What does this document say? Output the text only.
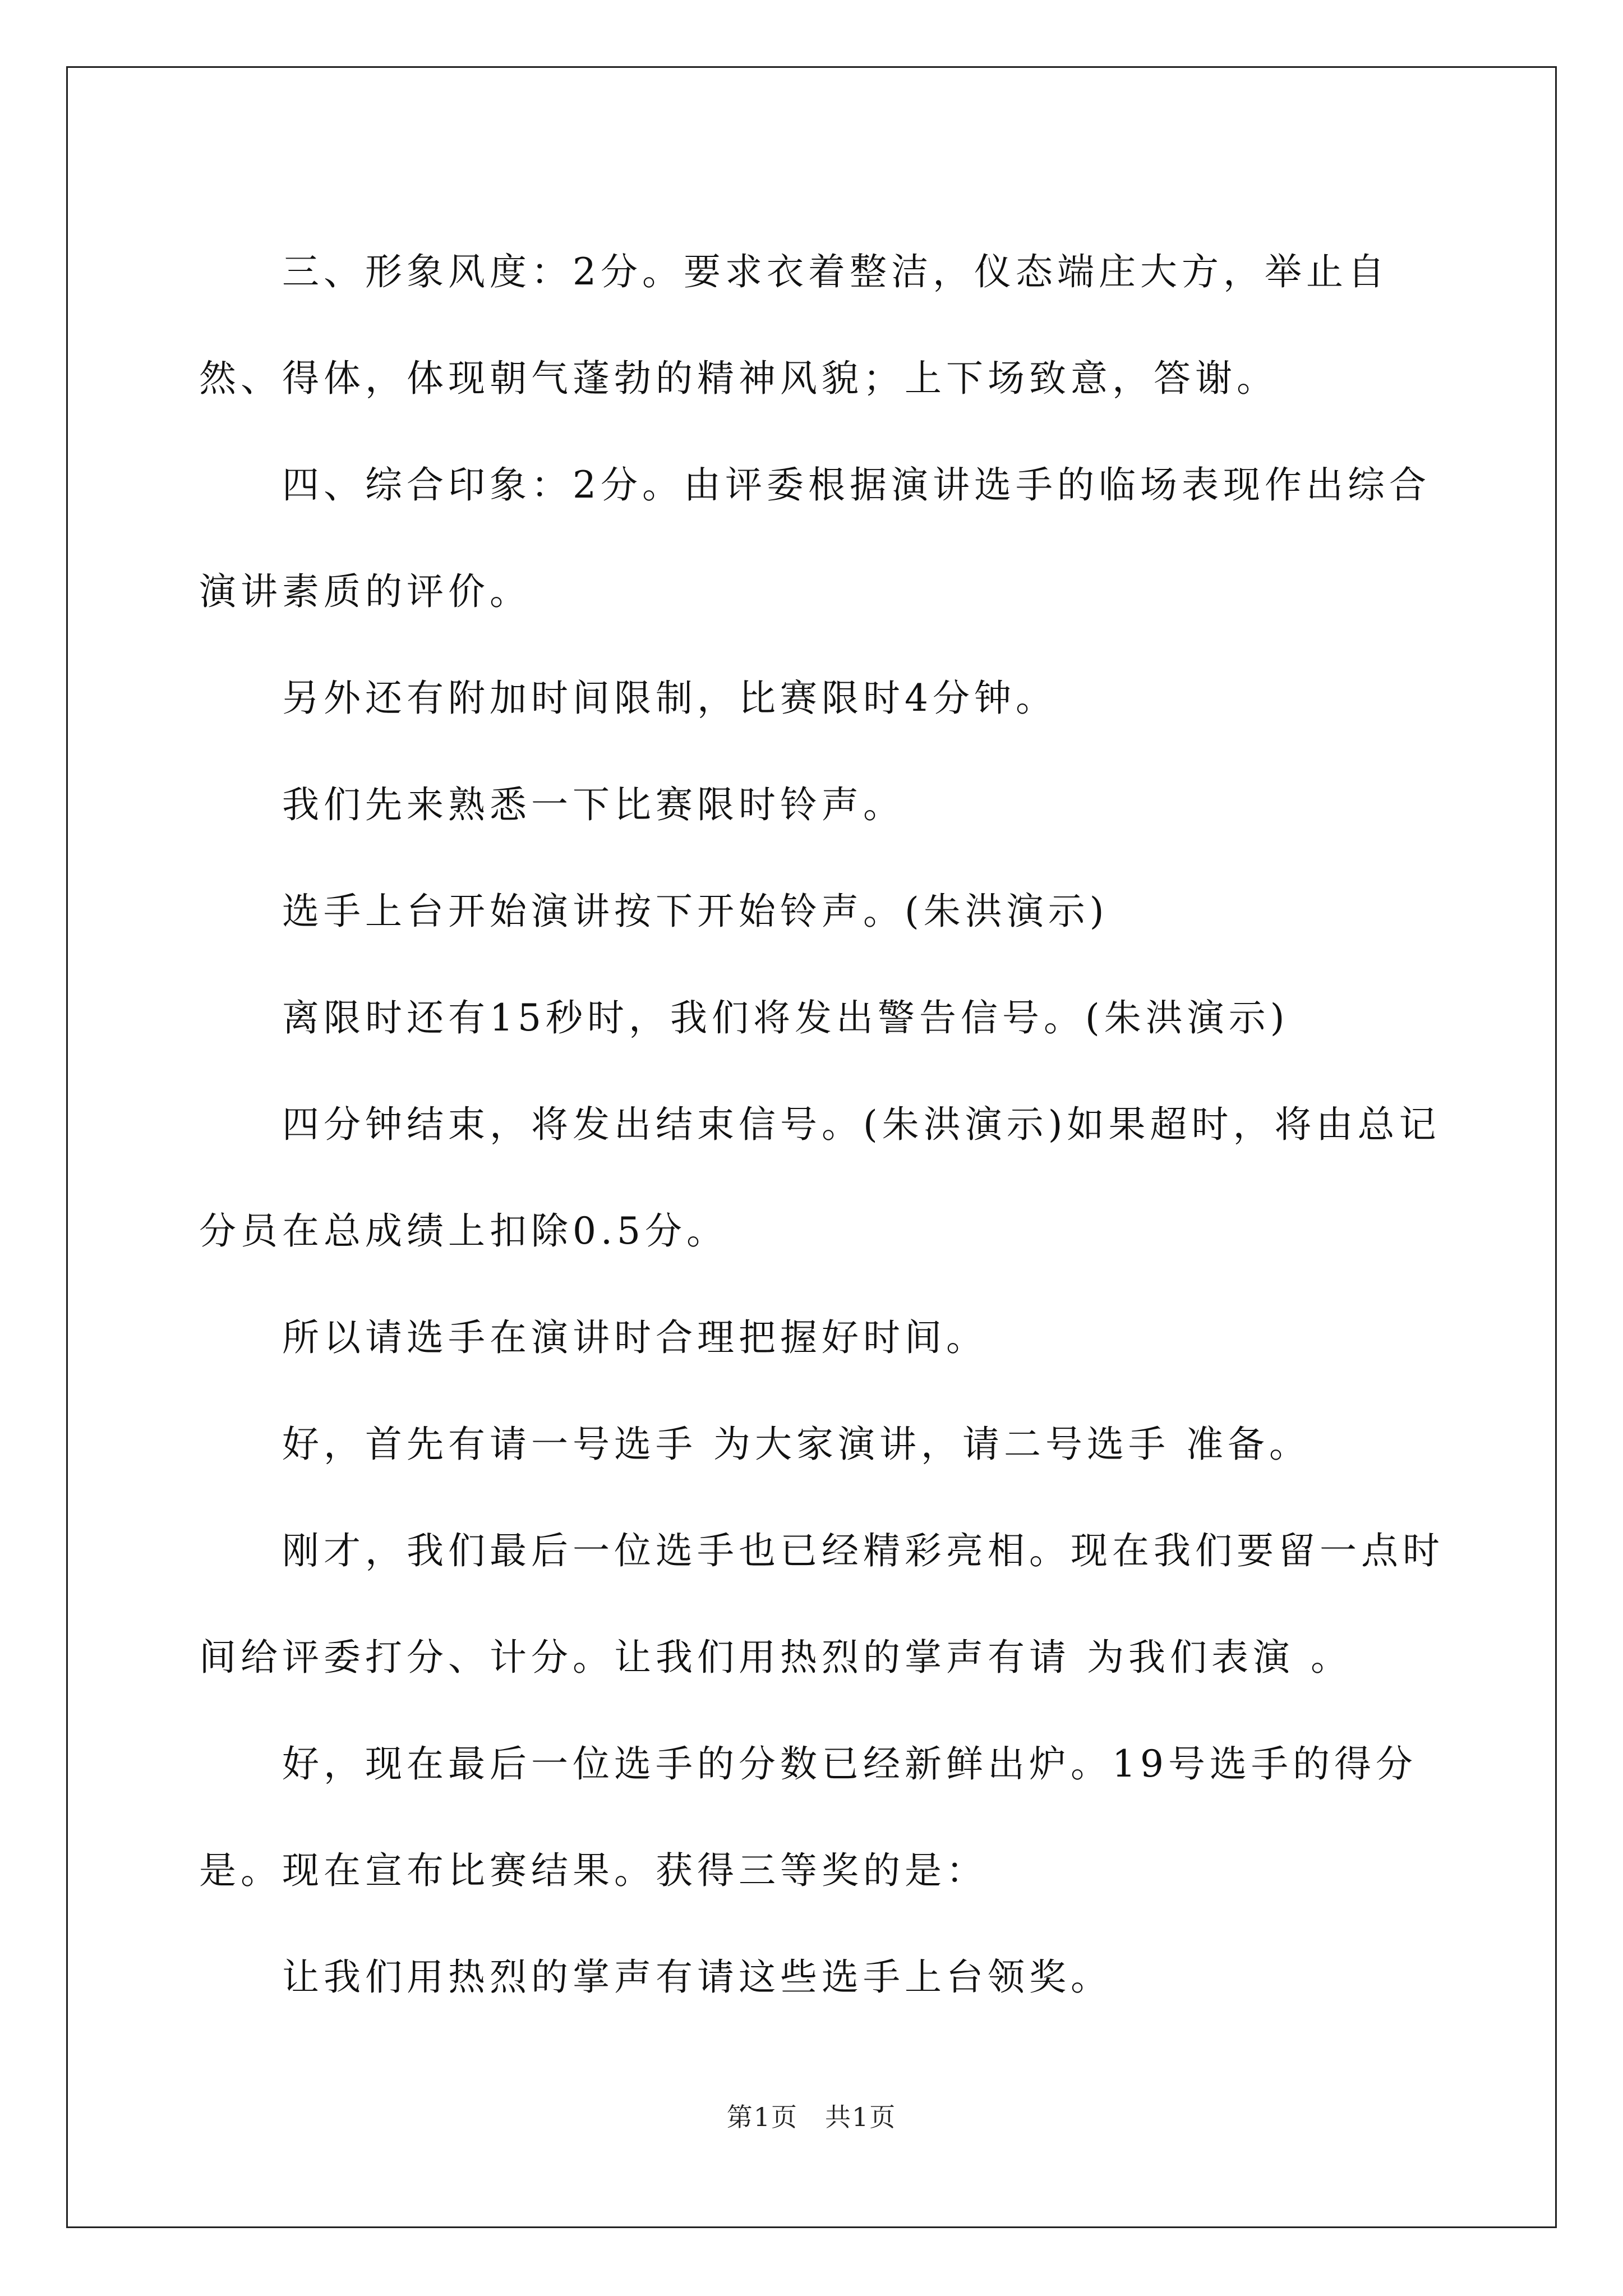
三、形象风度：2分。要求衣着整洁，仪态端庄大方，举止自然、得体，体现朝气蓬勃的精神风貌；上下场致意，答谢。

四、综合印象：2分。由评委根据演讲选手的临场表现作出综合演讲素质的评价。

另外还有附加时间限制，比赛限时4分钟。

我们先来熟悉一下比赛限时铃声。

选手上台开始演讲按下开始铃声。(朱洪演示)

离限时还有15秒时，我们将发出警告信号。(朱洪演示)

四分钟结束，将发出结束信号。(朱洪演示)如果超时，将由总记分员在总成绩上扣除0.5分。

所以请选手在演讲时合理把握好时间。

好，首先有请一号选手 为大家演讲，请二号选手 准备。

刚才，我们最后一位选手也已经精彩亮相。现在我们要留一点时间给评委打分、计分。让我们用热烈的掌声有请 为我们表演 。

好，现在最后一位选手的分数已经新鲜出炉。19号选手的得分是。现在宣布比赛结果。获得三等奖的是：

让我们用热烈的掌声有请这些选手上台领奖。

第1页　共1页
